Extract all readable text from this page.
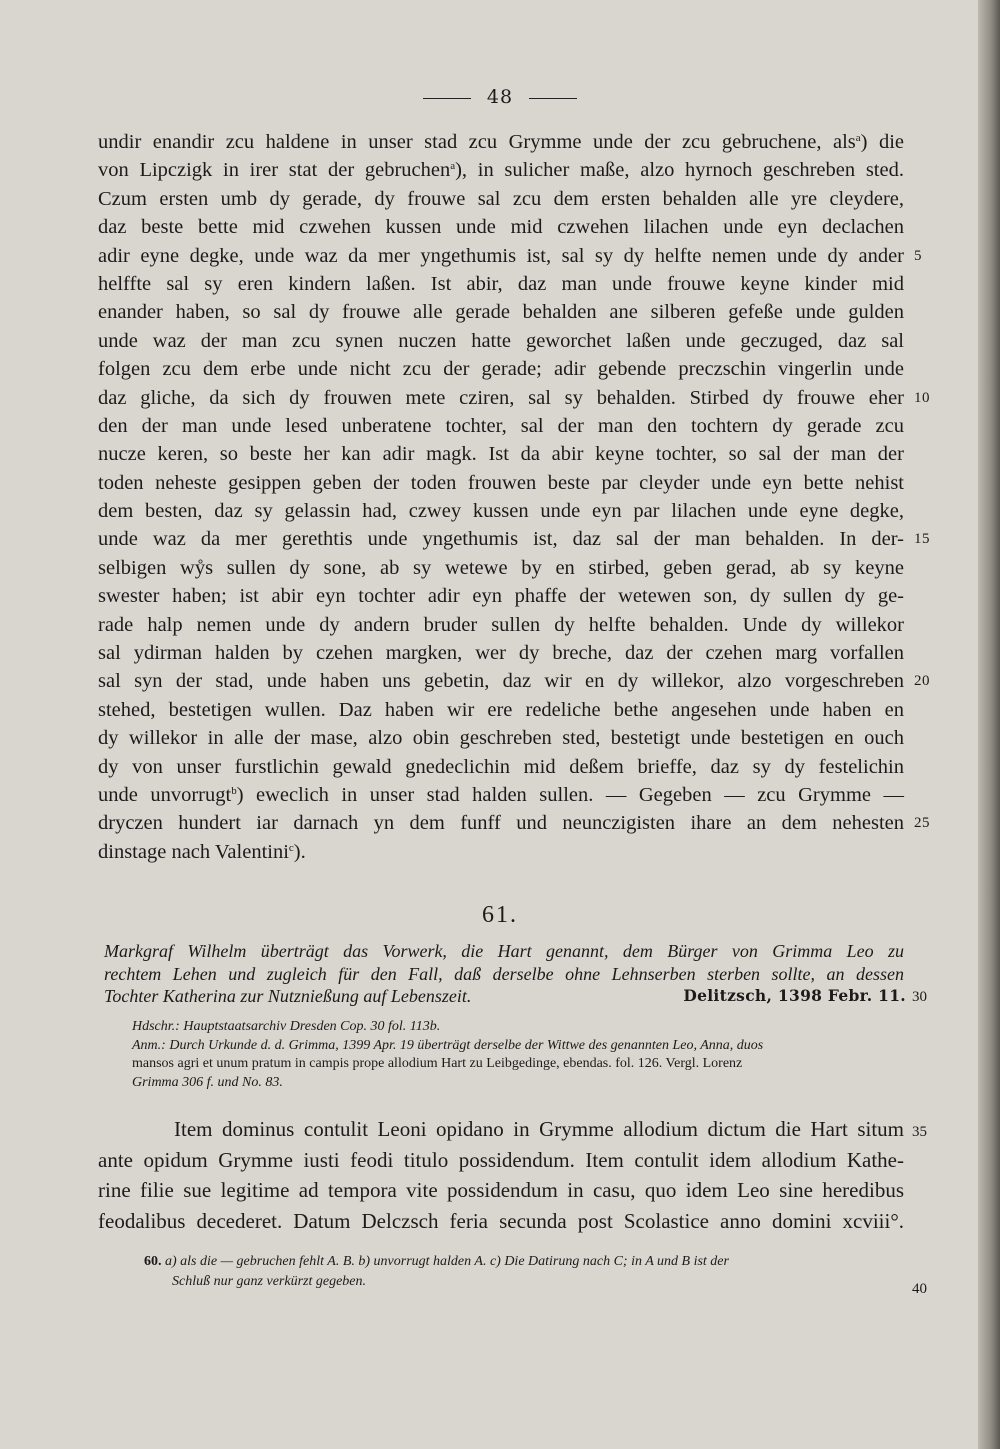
48
undir enandir zcu haldene in unser stad zcu Grymme unde der zcu gebruchene, als$^a$) die
von Lipczigk in irer stat der gebruchen$^a$), in sulicher maße, alzo hyrnoch geschreben sted.
Czum ersten umb dy gerade, dy frouwe sal zcu dem ersten behalden alle yre cleydere,
daz beste bette mid czwehen kussen unde mid czwehen lilachen unde eyn declachen
adir eyne degke, unde waz da mer yngethumis ist, sal sy dy helfte nemen unde dy ander 5
helffte sal sy eren kindern laßen. Ist abir, daz man unde frouwe keyne kinder mid
enander haben, so sal dy frouwe alle gerade behalden ane silberen gefeße unde gulden
unde waz der man zcu synen nuczen hatte geworchet laßen unde geczuged, daz sal
folgen zcu dem erbe unde nicht zcu der gerade; adir gebende preczschin vingerlin unde
daz gliche, da sich dy frouwen mete cziren, sal sy behalden. Stirbed dy frouwe eher 10
den der man unde lesed unberatene tochter, sal der man den tochtern dy gerade zcu
nucze keren, so beste her kan adir magk. Ist da abir keyne tochter, so sal der man der
toden neheste gesippen geben der toden frouwen beste par cleyder unde eyn bette nehist
dem besten, daz sy gelassin had, czwey kussen unde eyn par lilachen unde eyne degke,
unde waz da mer gerethtis unde yngethumis ist, daz sal der man behalden. In der- 15
selbigen wẙs sullen dy sone, ab sy wetewe by en stirbed, geben gerad, ab sy keyne
swester haben; ist abir eyn tochter adir eyn phaffe der wetewen son, dy sullen dy ge-
rade halp nemen unde dy andern bruder sullen dy helfte behalden. Unde dy willekor
sal ydirman halden by czehen margken, wer dy breche, daz der czehen marg vorfallen
sal syn der stad, unde haben uns gebetin, daz wir en dy willekor, alzo vorgeschreben 20
stehed, bestetigen wullen. Daz haben wir ere redeliche bethe angesehen unde haben en
dy willekor in alle der mase, alzo obin geschreben sted, bestetigt unde bestetigen en ouch
dy von unser furstlichin gewald gnedeclichin mid deßem brieffe, daz sy dy festelichin
unde unvorrugt$^b$) eweclich in unser stad halden sullen. — Gegeben — zcu Grymme —
dryczen hundert iar darnach yn dem funff und neunczigisten ihare an dem nehesten 25
dinstage nach Valentini$^c$).
61.
Markgraf Wilhelm überträgt das Vorwerk, die Hart genannt, dem Bürger von Grimma Leo zu
rechtem Lehen und zugleich für den Fall, daß derselbe ohne Lehnserben sterben sollte, an dessen
Tochter Katherina zur Nutznießung auf Lebenszeit.	Delitzsch, 1398 Febr. 11. 30
Hdschr.: Hauptstaatsarchiv Dresden Cop. 30 fol. 113b.
Anm.: Durch Urkunde d. d. Grimma, 1399 Apr. 19 überträgt derselbe der Wittwe des genannten Leo, Anna, duos
mansos agri et unum pratum in campis prope allodium Hart zu Leibgedinge, ebendas. fol. 126. Vergl. Lorenz
Grimma 306 f. und No. 83.
Item dominus contulit Leoni opidano in Grymme allodium dictum die Hart situm
ante opidum Grymme iusti feodi titulo possidendum. Item contulit idem allodium Kathe-
rine filie sue legitime ad tempora vite possidendum in casu, quo idem Leo sine heredibus
feodalibus decederet. Datum Delczsch feria secunda post Scolastice anno domini xcviii°.
35
60. a) als die — gebruchen fehlt A. B. b) unvorrugt halden A. c) Die Datirung nach C; in A und B ist der
Schluß nur ganz verkürzt gegeben.	40
